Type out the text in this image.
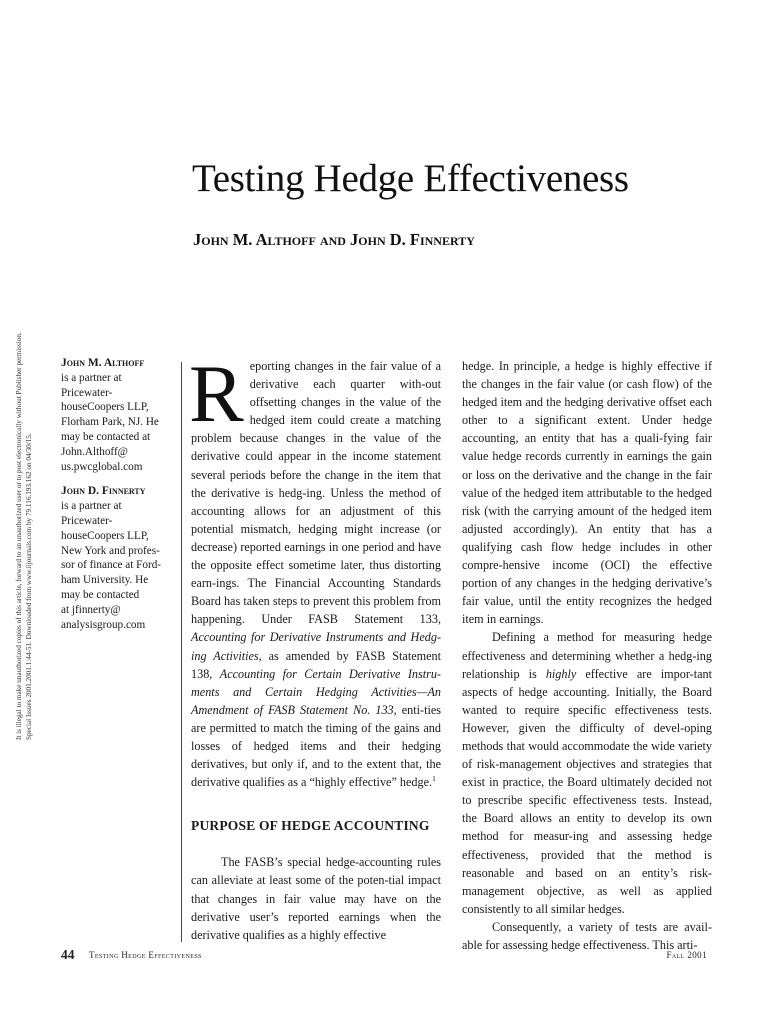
It is illegal to make unauthorized copies of this article, forward to an unauthorized user or to post electronically without Publisher permission. Special Issues 2001.2001.1:44-51. Downloaded from www.iijournals.com by 79.116.193.162 on 04/30/15.
Testing Hedge Effectiveness
John M. Althoff and John D. Finnerty
John M. Althoff
is a partner at Pricewater-
houseCoopers LLP,
Florham Park, NJ. He
may be contacted at
John.Althoff@
us.pwcglobal.com
John D. Finnerty
is a partner at Pricewater-
houseCoopers LLP,
New York and profes-
sor of finance at Ford-
ham University. He
may be contacted
at jfinnerty@
analysisgroup.com

Reporting changes in the fair value of a derivative each quarter with-out offsetting changes in the value of the hedged item could create a matching problem because changes in the value of the derivative could appear in the income statement several periods before the change in the item that the derivative is hedg-ing. Unless the method of accounting allows for an adjustment of this potential mismatch, hedging might increase (or decrease) reported earnings in one period and have the opposite effect sometime later, thus distorting earn-ings. The Financial Accounting Standards Board has taken steps to prevent this problem from happening. Under FASB Statement 133, Accounting for Derivative Instruments and Hedg-ing Activities, as amended by FASB Statement 138, Accounting for Certain Derivative Instru-ments and Certain Hedging Activities—An Amendment of FASB Statement No. 133, enti-ties are permitted to match the timing of the gains and losses of hedged items and their hedging derivatives, but only if, and to the extent that, the derivative qualifies as a “highly effective” hedge.$^1$

PURPOSE OF HEDGE ACCOUNTING

The FASB’s special hedge-accounting rules can alleviate at least some of the poten-tial impact that changes in fair value may have on the derivative user’s reported earnings when the derivative qualifies as a highly effective

hedge. In principle, a hedge is highly effective if the changes in the fair value (or cash flow) of the hedged item and the hedging derivative offset each other to a significant extent. Under hedge accounting, an entity that has a quali-fying fair value hedge records currently in earnings the gain or loss on the derivative and the change in the fair value of the hedged item attributable to the hedged risk (with the carrying amount of the hedged item adjusted accordingly). An entity that has a qualifying cash flow hedge includes in other compre-hensive income (OCI) the effective portion of any changes in the hedging derivative’s fair value, until the entity recognizes the hedged item in earnings.

Defining a method for measuring hedge effectiveness and determining whether a hedg-ing relationship is highly effective are impor-tant aspects of hedge accounting. Initially, the Board wanted to require specific effectiveness tests. However, given the difficulty of devel-oping methods that would accommodate the wide variety of risk-management objectives and strategies that exist in practice, the Board ultimately decided not to prescribe specific effectiveness tests. Instead, the Board allows an entity to develop its own method for measur-ing and assessing hedge effectiveness, provided that the method is reasonable and based on an entity’s risk-management objective, as well as applied consistently to all similar hedges.

Consequently, a variety of tests are avail-able for assessing hedge effectiveness. This arti-

44 Testing Hedge Effectiveness	Fall 2001
